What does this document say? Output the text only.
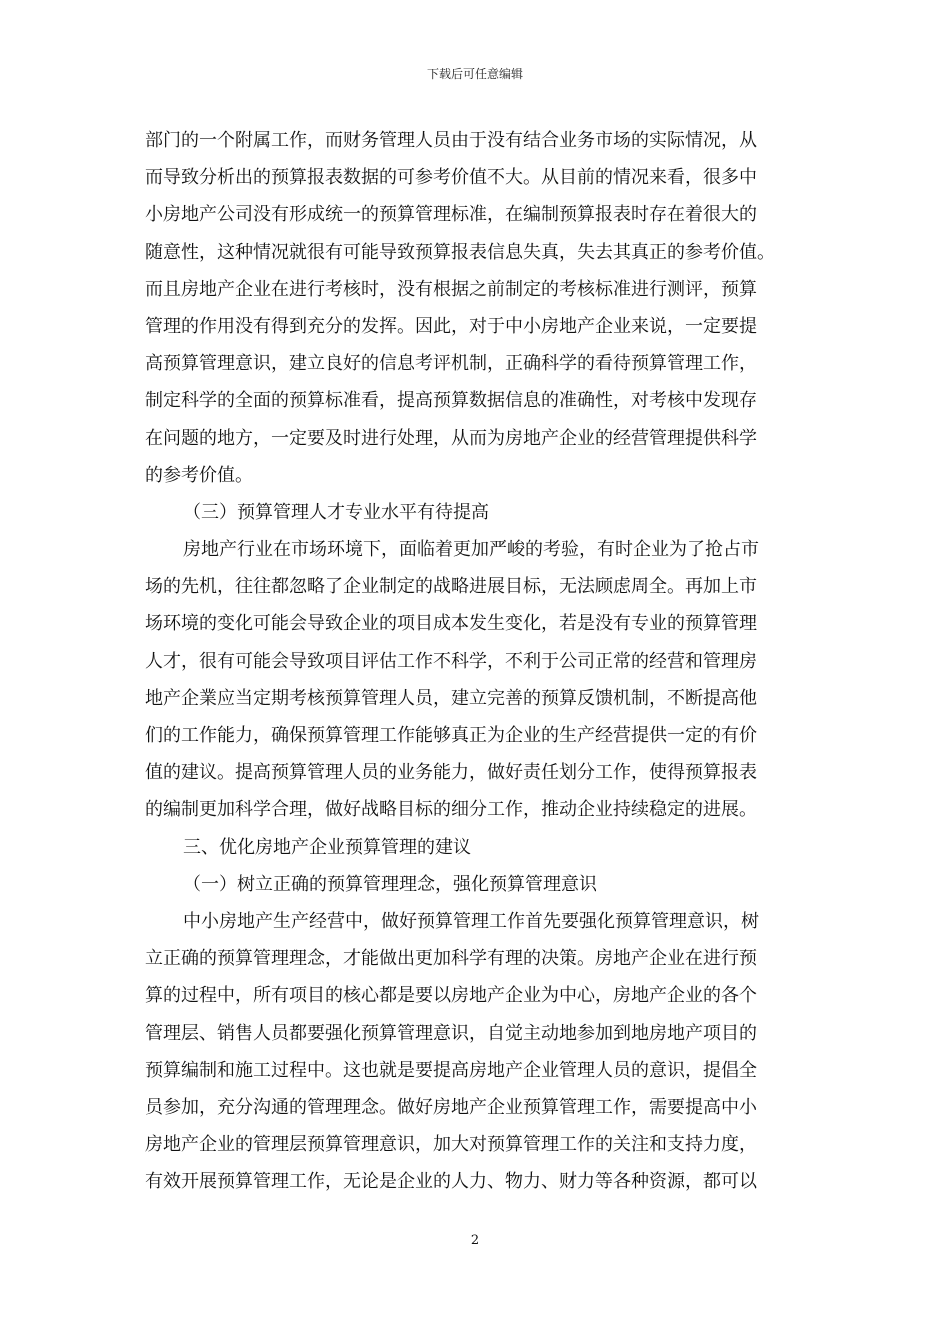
下载后可任意编辑
部门的一个附属工作，而财务管理人员由于没有结合业务市场的实际情况，从
而导致分析出的预算报表数据的可参考价值不大。从目前的情况来看，很多中
小房地产公司没有形成统一的预算管理标准，在编制预算报表时存在着很大的
随意性，这种情况就很有可能导致预算报表信息失真，失去其真正的参考价值。
而且房地产企业在进行考核时，没有根据之前制定的考核标准进行测评，预算
管理的作用没有得到充分的发挥。因此，对于中小房地产企业来说，一定要提
高预算管理意识，建立良好的信息考评机制，正确科学的看待预算管理工作，
制定科学的全面的预算标准看，提高预算数据信息的准确性，对考核中发现存
在问题的地方，一定要及时进行处理，从而为房地产企业的经营管理提供科学
的参考价值。
（三）预算管理人才专业水平有待提高
房地产行业在市场环境下，面临着更加严峻的考验，有时企业为了抢占市
场的先机，往往都忽略了企业制定的战略进展目标，无法顾虑周全。再加上市
场环境的变化可能会导致企业的项目成本发生变化，若是没有专业的预算管理
人才，很有可能会导致项目评估工作不科学，不利于公司正常的经营和管理房
地产企業应当定期考核预算管理人员，建立完善的预算反馈机制，不断提高他
们的工作能力，确保预算管理工作能够真正为企业的生产经营提供一定的有价
值的建议。提高预算管理人员的业务能力，做好责任划分工作，使得预算报表
的编制更加科学合理，做好战略目标的细分工作，推动企业持续稳定的进展。
三、优化房地产企业预算管理的建议
（一）树立正确的预算管理理念，强化预算管理意识
中小房地产生产经营中，做好预算管理工作首先要强化预算管理意识，树
立正确的预算管理理念，才能做出更加科学有理的决策。房地产企业在进行预
算的过程中，所有项目的核心都是要以房地产企业为中心，房地产企业的各个
管理层、销售人员都要强化预算管理意识，自觉主动地参加到地房地产项目的
预算编制和施工过程中。这也就是要提高房地产企业管理人员的意识，提倡全
员参加，充分沟通的管理理念。做好房地产企业预算管理工作，需要提高中小
房地产企业的管理层预算管理意识，加大对预算管理工作的关注和支持力度，
有效开展预算管理工作，无论是企业的人力、物力、财力等各种资源，都可以
2
